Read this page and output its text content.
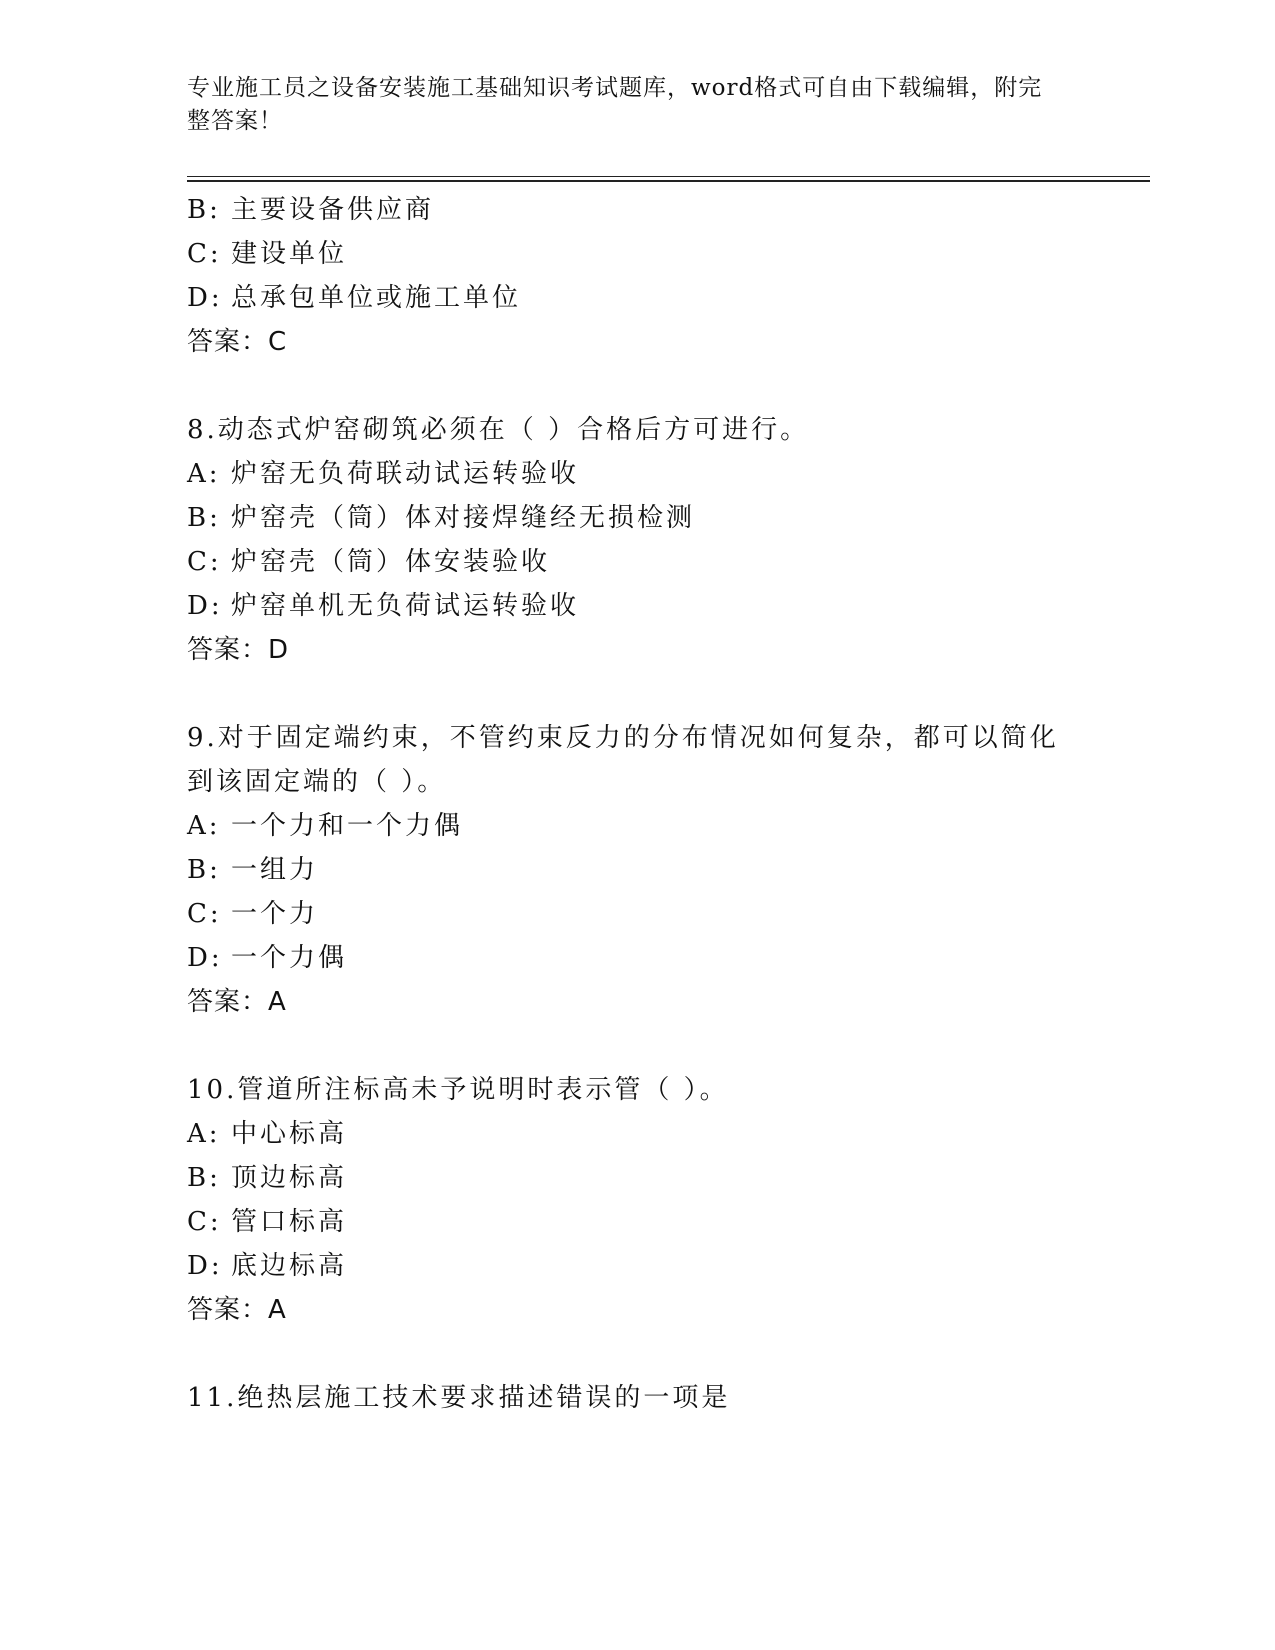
专业施工员之设备安装施工基础知识考试题库，word格式可自由下载编辑，附完
整答案！
B: 主要设备供应商
C: 建设单位
D: 总承包单位或施工单位
答案：C
8.动态式炉窑砌筑必须在（ ）合格后方可进行。
A: 炉窑无负荷联动试运转验收
B: 炉窑壳（筒）体对接焊缝经无损检测
C: 炉窑壳（筒）体安装验收
D: 炉窑单机无负荷试运转验收
答案：D
9.对于固定端约束，不管约束反力的分布情况如何复杂，都可以简化
到该固定端的（ ）。
A: 一个力和一个力偶
B: 一组力
C: 一个力
D: 一个力偶
答案：A
10.管道所注标高未予说明时表示管（ ）。
A: 中心标高
B: 顶边标高
C: 管口标高
D: 底边标高
答案：A
11.绝热层施工技术要求描述错误的一项是
